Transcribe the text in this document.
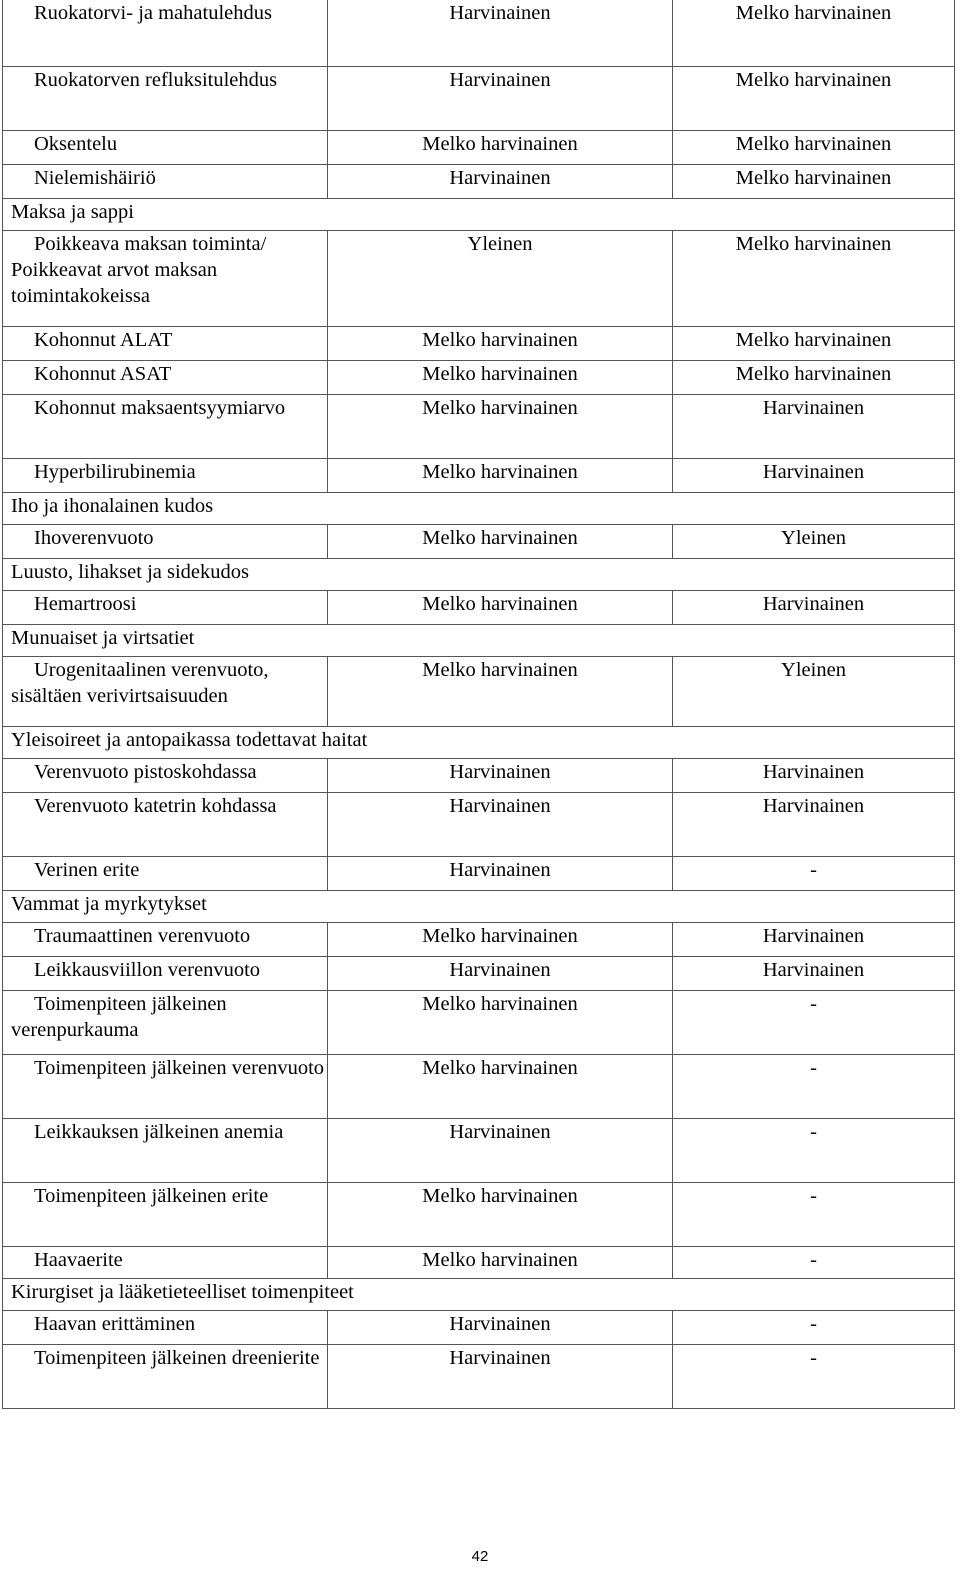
Ruokatorvi- ja mahatulehdus	Harvinainen	Melko harvinainen

Ruokatorven refluksitulehdus	Harvinainen	Melko harvinainen

Oksentelu	Melko harvinainen	Melko harvinainen

Nielemishäiriö	Harvinainen	Melko harvinainen
Maksa ja sappi		

Poikkeava maksan toiminta/ Poikkeavat arvot maksan toimintakokeissa	Yleinen	Melko harvinainen

Kohonnut ALAT	Melko harvinainen	Melko harvinainen

Kohonnut ASAT	Melko harvinainen	Melko harvinainen

Kohonnut maksaentsyymiarvo	Melko harvinainen	Harvinainen

Hyperbilirubinemia	Melko harvinainen	Harvinainen
Iho ja ihonalainen kudos		

Ihoverenvuoto	Melko harvinainen	Yleinen
Luusto, lihakset ja sidekudos		

Hemartroosi	Melko harvinainen	Harvinainen
Munuaiset ja virtsatiet		

Urogenitaalinen verenvuoto, sisältäen verivirtsaisuuden	Melko harvinainen	Yleinen
Yleisoireet ja antopaikassa todettavat haitat		

Verenvuoto pistoskohdassa	Harvinainen	Harvinainen

Verenvuoto katetrin kohdassa	Harvinainen	Harvinainen

Verinen erite	Harvinainen	-
Vammat ja myrkytykset		

Traumaattinen verenvuoto	Melko harvinainen	Harvinainen

Leikkausviillon verenvuoto	Harvinainen	Harvinainen

Toimenpiteen jälkeinen verenpurkauma	Melko harvinainen	-

Toimenpiteen jälkeinen verenvuoto	Melko harvinainen	-

Leikkauksen jälkeinen anemia	Harvinainen	-

Toimenpiteen jälkeinen erite	Melko harvinainen	-

Haavaerite	Melko harvinainen	-
Kirurgiset ja lääketieteelliset toimenpiteet		

Haavan erittäminen	Harvinainen	-

Toimenpiteen jälkeinen dreenierite	Harvinainen	-
42
